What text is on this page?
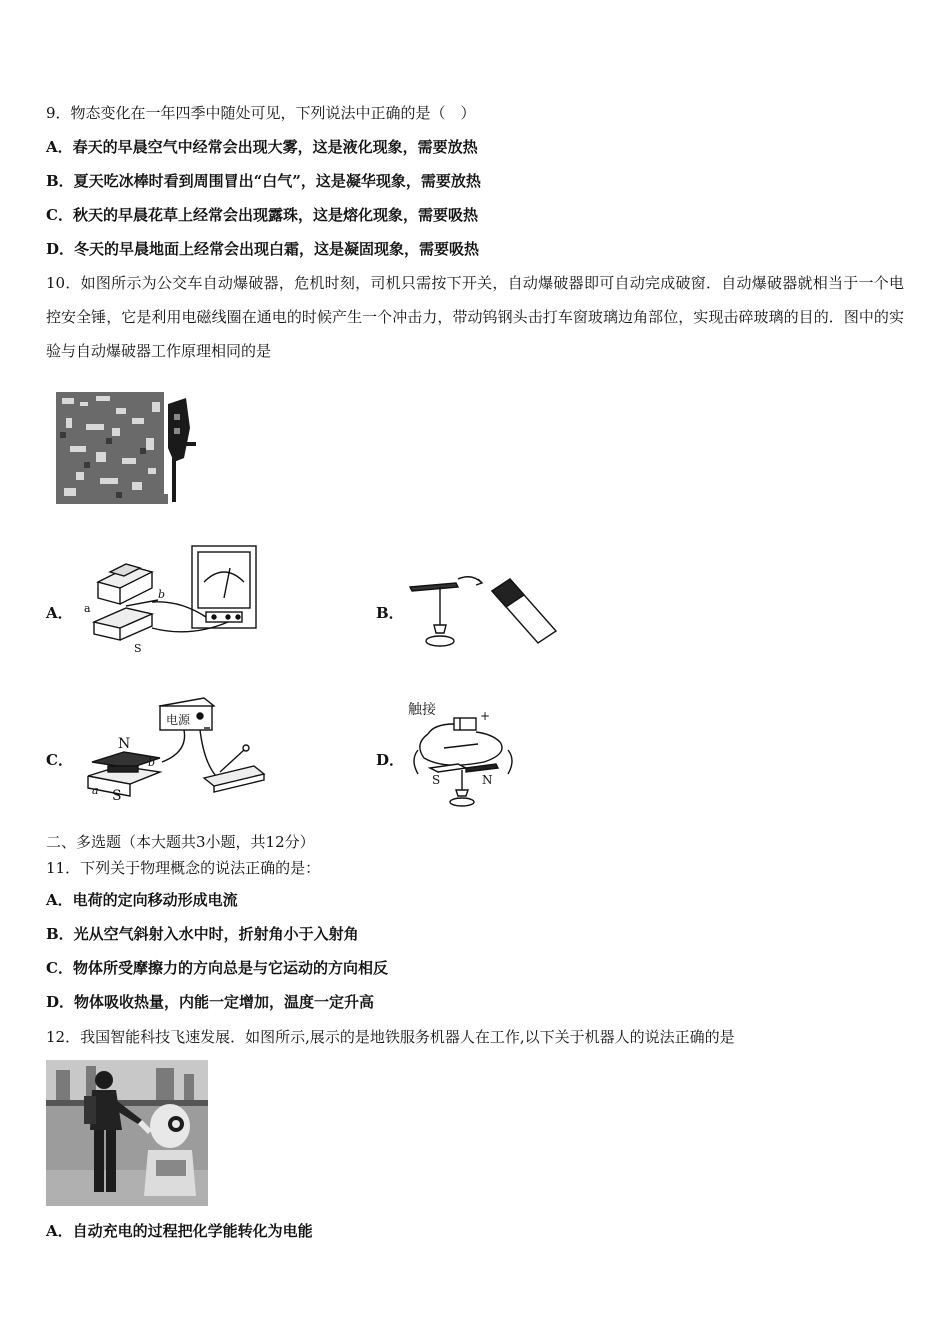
9．物态变化在一年四季中随处可见，下列说法中正确的是（　）
A．春天的早晨空气中经常会出现大雾，这是液化现象，需要放热
B．夏天吃冰棒时看到周围冒出“白气”，这是凝华现象，需要放热
C．秋天的早晨花草上经常会出现露珠，这是熔化现象，需要吸热
D．冬天的早晨地面上经常会出现白霜，这是凝固现象，需要吸热
10．如图所示为公交车自动爆破器，危机时刻，司机只需按下开关，自动爆破器即可自动完成破窗．自动爆破器就相当于一个电控安全锤，它是利用电磁线圈在通电的时候产生一个冲击力，带动钨钢头击打车窗玻璃边角部位，实现击碎玻璃的目的．图中的实验与自动爆破器工作原理相同的是
A． a
b
S
B．
C．
电源
N
a
b
S
D．
触接	+
S	N
二、多选题（本大题共3小题，共12分）
11．下列关于物理概念的说法正确的是：
A．电荷的定向移动形成电流
B．光从空气斜射入水中时，折射角小于入射角
C．物体所受摩擦力的方向总是与它运动的方向相反
D．物体吸收热量，内能一定增加，温度一定升高
12．我国智能科技飞速发展．如图所示,展示的是地铁服务机器人在工作,以下关于机器人的说法正确的是
A．自动充电的过程把化学能转化为电能
